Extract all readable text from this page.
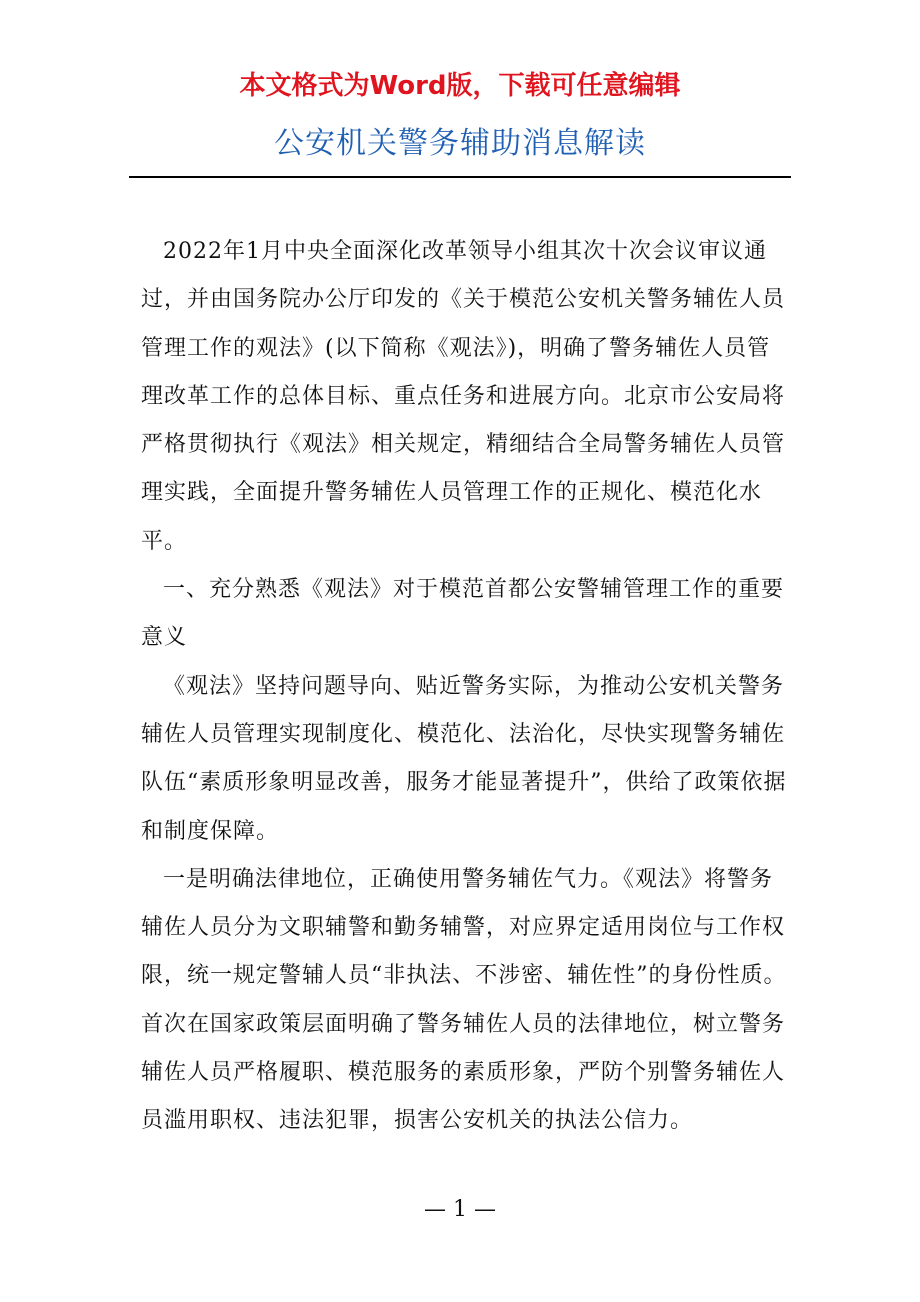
本文格式为Word版，下载可任意编辑
公安机关警务辅助消息解读

2022年1月中央全面深化改革领导小组其次十次会议审议通过，并由国务院办公厅印发的《关于模范公安机关警务辅佐人员管理工作的观法》(以下简称《观法》)，明确了警务辅佐人员管理改革工作的总体目标、重点任务和进展方向。北京市公安局将严格贯彻执行《观法》相关规定，精细结合全局警务辅佐人员管理实践，全面提升警务辅佐人员管理工作的正规化、模范化水平。

一、充分熟悉《观法》对于模范首都公安警辅管理工作的重要意义

《观法》坚持问题导向、贴近警务实际，为推动公安机关警务辅佐人员管理实现制度化、模范化、法治化，尽快实现警务辅佐队伍“素质形象明显改善，服务才能显著提升”，供给了政策依据和制度保障。

一是明确法律地位，正确使用警务辅佐气力。《观法》将警务辅佐人员分为文职辅警和勤务辅警，对应界定适用岗位与工作权限，统一规定警辅人员“非执法、不涉密、辅佐性”的身份性质。首次在国家政策层面明确了警务辅佐人员的法律地位，树立警务辅佐人员严格履职、模范服务的素质形象，严防个别警务辅佐人员滥用职权、违法犯罪，损害公安机关的执法公信力。

— 1 —
